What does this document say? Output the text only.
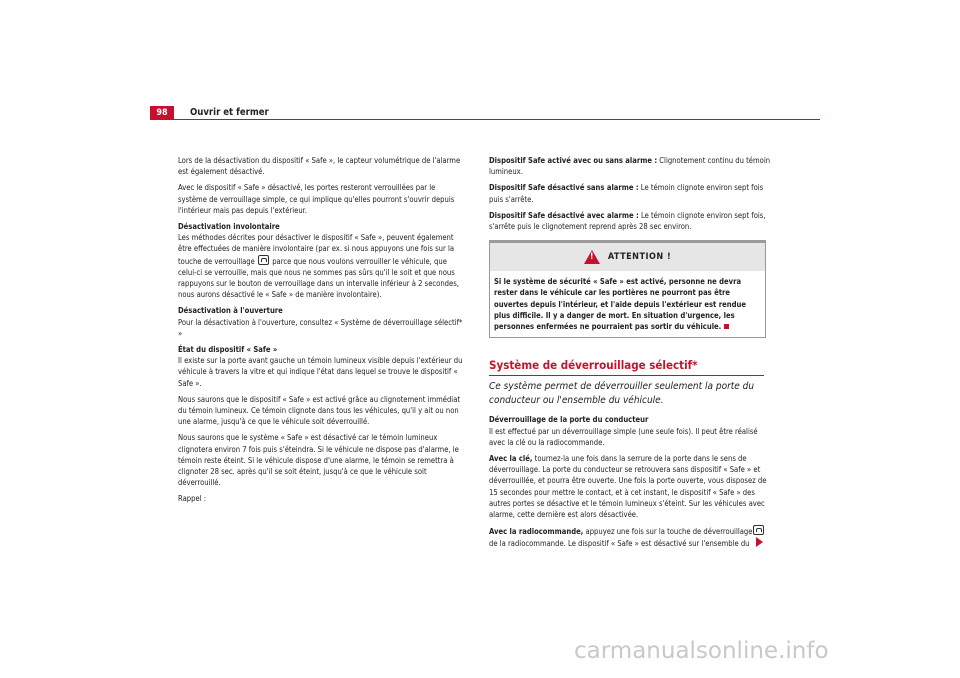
98	Ouvrir et fermer

Lors de la désactivation du dispositif « Safe », le capteur volumétrique de l'alarme est également désactivé.

Avec le dispositif « Safe » désactivé, les portes resteront verrouillées par le système de verrouillage simple, ce qui implique qu'elles pourront s'ouvrir depuis l'intérieur mais pas depuis l'extérieur.

Désactivation involontaire

Les méthodes décrites pour désactiver le dispositif « Safe », peuvent également être effectuées de manière involontaire (par ex. si nous appuyons une fois sur la touche de verrouillage parce que nous voulons verrouiller le véhicule, que celui-ci se verrouille, mais que nous ne sommes pas sûrs qu'il le soit et que nous rappuyons sur le bouton de verrouillage dans un intervalle inférieur à 2 secondes, nous aurons désactivé le « Safe » de manière involontaire).

Désactivation à l'ouverture

Pour la désactivation à l'ouverture, consultez « Système de déverrouillage sélectif* »

État du dispositif « Safe »

Il existe sur la porte avant gauche un témoin lumineux visible depuis l'extérieur du véhicule à travers la vitre et qui indique l'état dans lequel se trouve le dispositif « Safe ».

Nous saurons que le dispositif « Safe » est activé grâce au clignotement immédiat du témoin lumineux. Ce témoin clignote dans tous les véhicules, qu'il y ait ou non une alarme, jusqu'à ce que le véhicule soit déverrouillé.

Nous saurons que le système « Safe » est désactivé car le témoin lumineux clignotera environ 7 fois puis s'éteindra. Si le véhicule ne dispose pas d'alarme, le témoin reste éteint. Si le véhicule dispose d'une alarme, le témoin se remettra à clignoter 28 sec. après qu'il se soit éteint, jusqu'à ce que le véhicule soit déverrouillé.

Rappel :

Dispositif Safe activé avec ou sans alarme : Clignotement continu du témoin lumineux.

Dispositif Safe désactivé sans alarme : Le témoin clignote environ sept fois puis s'arrête.

Dispositif Safe désactivé avec alarme : Le témoin clignote environ sept fois, s'arrête puis le clignotement reprend après 28 sec environ.

!
ATTENTION !
Si le système de sécurité « Safe » est activé, personne ne devra rester dans le véhicule car les portières ne pourront pas être ouvertes depuis l'intérieur, et l'aide depuis l'extérieur est rendue plus difficile. Il y a danger de mort. En situation d'urgence, les personnes enfermées ne pourraient pas sortir du véhicule.
Système de déverrouillage sélectif*
Ce système permet de déverrouiller seulement la porte du conducteur ou l'ensemble du véhicule.
Déverrouillage de la porte du conducteur

Il est effectué par un déverrouillage simple (une seule fois). Il peut être réalisé avec la clé ou la radiocommande.

Avec la clé, tournez-la une fois dans la serrure de la porte dans le sens de déverrouillage. La porte du conducteur se retrouvera sans dispositif « Safe » et déverrouillée, et pourra être ouverte. Une fois la porte ouverte, vous disposez de 15 secondes pour mettre le contact, et à cet instant, le dispositif « Safe » des autres portes se désactive et le témoin lumineux s'éteint. Sur les véhicules avec alarme, cette dernière est alors désactivée.

Avec la radiocommande, appuyez une fois sur la touche de déverrouillage de la radiocommande. Le dispositif « Safe » est désactivé sur l'ensemble du

carmanualsonline.info
